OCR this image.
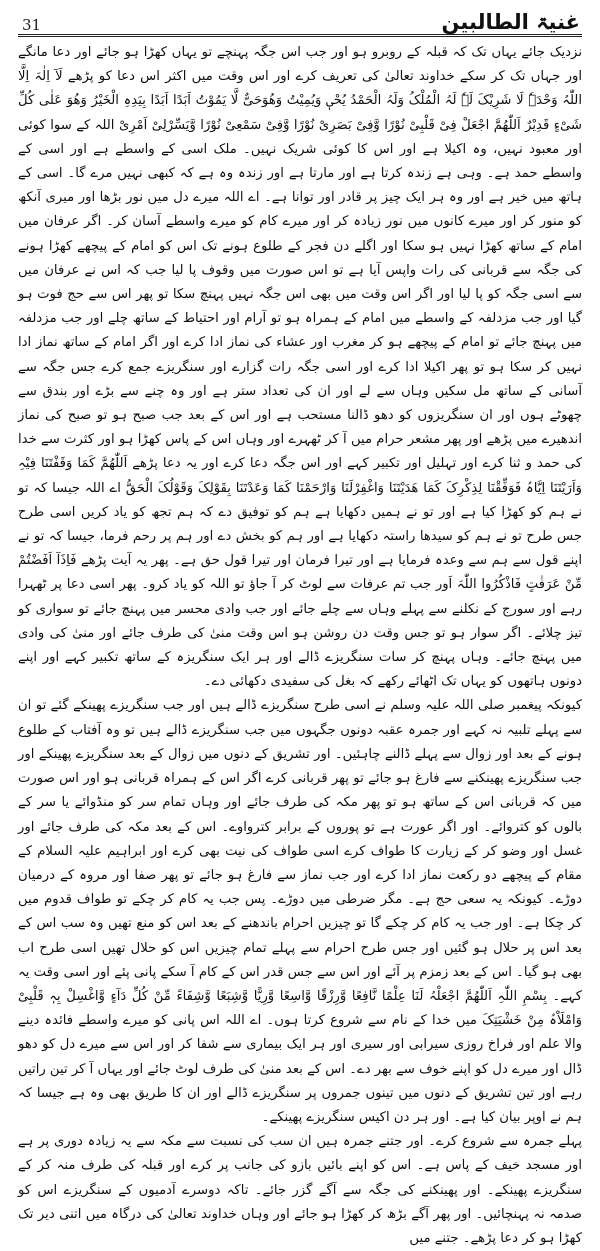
31	غنیۃ الطالبین

نزدیک جائے یہاں تک کہ قبلہ کے روبرو ہو اور جب اس جگہ پہنچے تو یہاں کھڑا ہو جائے اور دعا مانگے اور جہاں تک کر سکے خداوند تعالیٰ کی تعریف کرے اور اس وقت میں اکثر اس دعا کو پڑھے لَآ اِلٰہَ اِلَّا اللّٰہُ وَحْدَہٗ لَا شَرِیْکَ لَہٗ لَہُ الْمُلْکُ وَلَہُ الْحَمْدُ یُحْیٖ وَیُمِیْتُ وَھُوَحَیٌّ لَّا یَمُوْتُ اَبَدًا اَبَدًا بِیَدِہِ الْخَیْرُ وَھُوَ عَلٰی کُلِّ شَیْءٍ قَدِیْرٌ اَللّٰھُمَّ اجْعَلْ فِیْ قَلْبِیْ نُوْرًا وَّفِیْ بَصَرِیْ نُوْرًا وَّفِیْ سَمْعِیْ نُوْرًا وَّیَسِّرْلِیْ اَمْرِیْ اللہ کے سوا کوئی اور معبود نہیں، وہ اکیلا ہے اور اس کا کوئی شریک نہیں۔ ملک اسی کے واسطے ہے اور اسی کے واسطے حمد ہے۔ وہی ہے زندہ کرتا ہے اور مارتا ہے اور زندہ وہ ہے کہ کبھی نہیں مرے گا۔ اسی کے ہاتھ میں خیر ہے اور وہ ہر ایک چیز پر قادر اور توانا ہے۔ اے اللہ میرے دل میں نور بڑھا اور میری آنکھ کو منور کر اور میرے کانوں میں نور زیادہ کر اور میرے کام کو میرے واسطے آسان کر۔ اگر عرفان میں امام کے ساتھ کھڑا نہیں ہو سکا اور اگلے دن فجر کے طلوع ہونے تک اس کو امام کے پیچھے کھڑا ہونے کی جگہ سے قربانی کی رات واپس آیا ہے تو اس صورت میں وقوف پا لیا جب کہ اس نے عرفان میں سے اسی جگہ کو پا لیا اور اگر اس وقت میں بھی اس جگہ نہیں پہنچ سکا تو پھر اس سے حج فوت ہو گیا اور جب مزدلفہ کے واسطے میں امام کے ہمراہ ہو تو آرام اور احتیاط کے ساتھ چلے اور جب مزدلفہ میں پہنچ جائے تو امام کے پیچھے ہو کر مغرب اور عشاء کی نماز ادا کرے اور اگر امام کے ساتھ نماز ادا نہیں کر سکا ہو تو پھر اکیلا ادا کرے اور اسی جگہ رات گزارے اور سنگریزے جمع کرے جس جگہ سے آسانی کے ساتھ مل سکیں وہاں سے لے اور ان کی تعداد ستر ہے اور وہ چنے سے بڑے اور بندق سے چھوٹے ہوں اور ان سنگریزوں کو دھو ڈالنا مستحب ہے اور اس کے بعد جب صبح ہو تو صبح کی نماز اندھیرے میں پڑھے اور پھر مشعر حرام میں آ کر ٹھہرے اور وہاں اس کے پاس کھڑا ہو اور کثرت سے خدا کی حمد و ثنا کرے اور تہلیل اور تکبیر کہے اور اس جگہ دعا کرے اور یہ دعا پڑھے اَللّٰھُمَّ کَمَا وَقَفْتَنَا فِیْہِ وَاَرَیْتَنَا اِیَّاہُ فَوَفِّقْنَا لِذِکْرِکَ کَمَا ھَدَیْتَنَا وَاغْفِرْلَنَا وَارْحَمْنَا کَمَا وَعَدْتَنَا بِقَوْلِکَ وَقَوْلُکَ الْحَقُّ اے اللہ جیسا کہ تو نے ہم کو کھڑا کیا ہے اور تو نے ہمیں دکھایا ہے ہم کو توفیق دے کہ ہم تجھ کو یاد کریں اسی طرح جس طرح تو نے ہم کو سیدھا راستہ دکھایا ہے اور ہم کو بخش دے اور ہم پر رحم فرما، جیسا کہ تو نے اپنے قول سے ہم سے وعدہ فرمایا ہے اور تیرا فرمان اور تیرا قول حق ہے۔ پھر یہ آیت پڑھے فَاِذَآ اَفَضْتُمْ مِّنْ عَرَفٰتٍ فَاذْکُرُوا اللّٰہَ اَور جب تم عرفات سے لوٹ کر آ جاؤ تو اللہ کو یاد کرو۔ پھر اسی دعا پر ٹھہرا رہے اور سورج کے نکلنے سے پہلے وہاں سے چلے جائے اور جب وادی محسر میں پہنچ جائے تو سواری کو تیز چلائے۔ اگر سوار ہو تو جس وقت دن روشن ہو اس وقت منیٰ کی طرف جائے اور منیٰ کی وادی میں پہنچ جائے۔ وہاں پہنچ کر سات سنگریزے ڈالے اور ہر ایک سنگریزہ کے ساتھ تکبیر کہے اور اپنے دونوں ہاتھوں کو یہاں تک اٹھائے رکھے کہ بغل کی سفیدی دکھائی دے۔

کیونکہ پیغمبر صلی اللہ علیہ وسلم نے اسی طرح سنگریزے ڈالے ہیں اور جب سنگریزے پھینکے گئے تو ان سے پہلے تلبیہ نہ کہے اور جمرہ عقبہ دونوں جگہوں میں جب سنگریزے ڈالے ہیں تو وہ آفتاب کے طلوع ہونے کے بعد اور زوال سے پہلے ڈالنے چاہئیں۔ اور تشریق کے دنوں میں زوال کے بعد سنگریزے پھینکے اور جب سنگریزے پھینکنے سے فارغ ہو جائے تو پھر قربانی کرے اگر اس کے ہمراہ قربانی ہو اور اس صورت میں کہ قربانی اس کے ساتھ ہو تو پھر مکہ کی طرف جائے اور وہاں تمام سر کو منڈوائے یا سر کے بالوں کو کتروائے۔ اور اگر عورت ہے تو پوروں کے برابر کترواوے۔ اس کے بعد مکہ کی طرف جائے اور غسل اور وضو کر کے زیارت کا طواف کرے اسی طواف کی نیت بھی کرے اور ابراہیم علیہ السلام کے مقام کے پیچھے دو رکعت نماز ادا کرے اور جب نماز سے فارغ ہو جائے تو پھر صفا اور مروہ کے درمیان دوڑے۔ کیونکہ یہ سعی حج ہے۔ مگر ضرطی میں دوڑے۔ پس جب یہ کام کر چکے تو طواف قدوم میں کر چکا ہے۔ اور جب یہ کام کر چکے گا تو چیزیں احرام باندھنے کے بعد اس کو منع تھیں وہ سب اس کے بعد اس پر حلال ہو گئیں اور جس طرح احرام سے پہلے تمام چیزیں اس کو حلال تھیں اسی طرح اب بھی ہو گیا۔ اس کے بعد زمزم پر آئے اور اس سے جس قدر اس کے کام آ سکے پانی پئے اور اسی وقت یہ کہے۔ بِسْمِ اللّٰہِ اَللّٰھُمَّ اجْعَلْہُ لَنَا عِلْمًا نَّافِعًا وَّرِزْقًا وَّاسِعًا وَّرِیًّا وَّشِبَعًا وَّشِفَاءً مِّنْ کُلِّ دَآءٍ وَّاغْسِلْ بِہٖ قَلْبِیْ وَامْلَاْہُ مِنْ خَشْیَتِکَ میں خدا کے نام سے شروع کرتا ہوں۔ اے اللہ اس پانی کو میرے واسطے فائدہ دینے والا علم اور فراخ روزی سیرابی اور سیری اور ہر ایک بیماری سے شفا کر اور اس سے میرے دل کو دھو ڈال اور میرے دل کو اپنے خوف سے بھر دے۔ اس کے بعد منیٰ کی طرف لوٹ جائے اور یہاں آ کر تین راتیں رہے اور تین تشریق کے دنوں میں تینوں جمروں پر سنگریزے ڈالے اور ان کا طریق بھی وہ ہے جیسا کہ ہم نے اوپر بیان کیا ہے۔ اور ہر دن اکیس سنگریزے پھینکے۔

پہلے جمرہ سے شروع کرے۔ اور جتنے جمرہ ہیں ان سب کی نسبت سے مکہ سے یہ زیادہ دوری پر ہے اور مسجد خیف کے پاس ہے۔ اس کو اپنے بائیں بازو کی جانب پر کرے اور قبلہ کی طرف منہ کر کے سنگریزے پھینکے۔ اور پھینکنے کی جگہ سے آگے گزر جائے۔ تاکہ دوسرے آدمیوں کے سنگریزے اس کو صدمہ نہ پہنچائیں۔ اور پھر آگے بڑھ کر کھڑا ہو جائے اور وہاں خداوند تعالیٰ کی درگاہ میں اتنی دیر تک کھڑا ہو کر دعا پڑھے۔ جتنے میں
